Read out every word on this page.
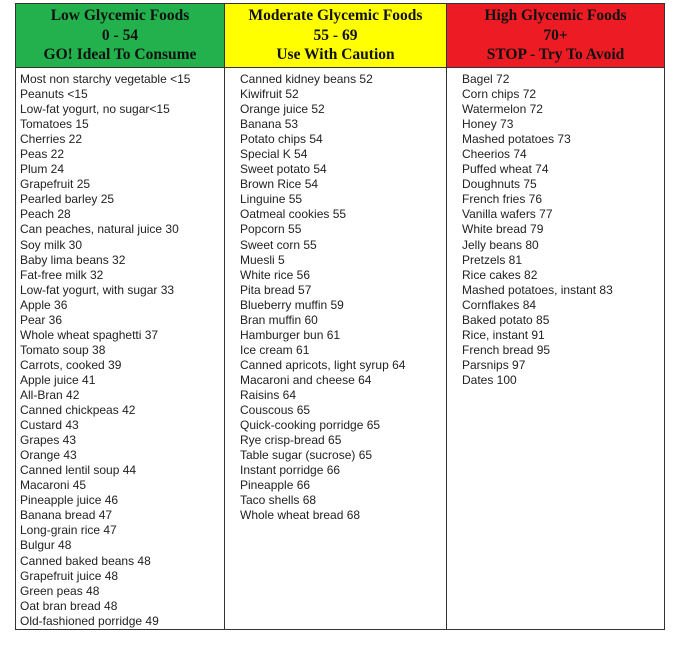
Low Glycemic Foods
0 - 54
GO! Ideal To Consume
Most non starchy vegetable <15
Peanuts <15
Low-fat yogurt, no sugar<15
Tomatoes 15
Cherries 22
Peas 22
Plum 24
Grapefruit 25
Pearled barley 25
Peach 28
Can peaches, natural juice 30
Soy milk 30
Baby lima beans 32
Fat-free milk 32
Low-fat yogurt, with sugar 33
Apple 36
Pear 36
Whole wheat spaghetti 37
Tomato soup 38
Carrots, cooked 39
Apple juice 41
All-Bran 42
Canned chickpeas 42
Custard 43
Grapes 43
Orange 43
Canned lentil soup 44
Macaroni 45
Pineapple juice 46
Banana bread 47
Long-grain rice 47
Bulgur 48
Canned baked beans 48
Grapefruit juice 48
Green peas 48
Oat bran bread 48
Old-fashioned porridge 49
Moderate Glycemic Foods
55 - 69
Use With Caution
Canned kidney beans 52
Kiwifruit 52
Orange juice 52
Banana 53
Potato chips 54
Special K 54
Sweet potato 54
Brown Rice 54
Linguine 55
Oatmeal cookies 55
Popcorn 55
Sweet corn 55
Muesli 5
White rice 56
Pita bread 57
Blueberry muffin 59
Bran muffin 60
Hamburger bun 61
Ice cream 61
Canned apricots, light syrup 64
Macaroni and cheese 64
Raisins 64
Couscous 65
Quick-cooking porridge 65
Rye crisp-bread 65
Table sugar (sucrose) 65
Instant porridge 66
Pineapple 66
Taco shells 68
Whole wheat bread 68
High Glycemic Foods
70+
STOP - Try To Avoid
Bagel 72
Corn chips 72
Watermelon 72
Honey 73
Mashed potatoes 73
Cheerios 74
Puffed wheat 74
Doughnuts 75
French fries 76
Vanilla wafers 77
White bread 79
Jelly beans 80
Pretzels 81
Rice cakes 82
Mashed potatoes, instant 83
Cornflakes 84
Baked potato 85
Rice, instant 91
French bread 95
Parsnips 97
Dates 100
